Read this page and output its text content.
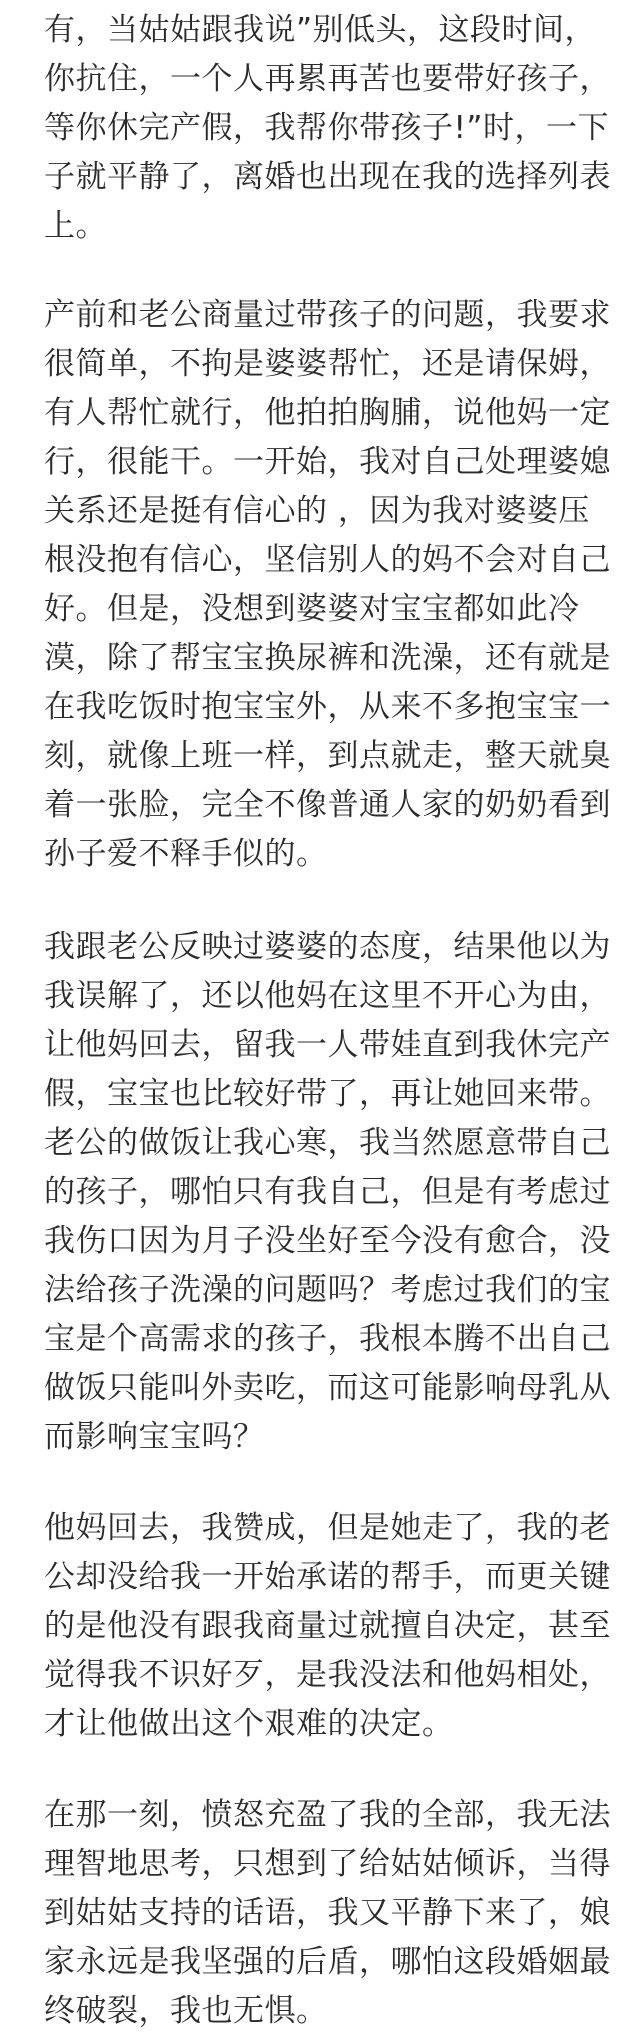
有，当姑姑跟我说”别低头，这段时间，你抗住，一个人再累再苦也要带好孩子，等你休完产假，我帮你带孩子!”时，一下子就平静了，离婚也出现在我的选择列表上。

产前和老公商量过带孩子的问题，我要求很简单，不拘是婆婆帮忙，还是请保姆，有人帮忙就行，他拍拍胸脯，说他妈一定行，很能干。一开始，我对自己处理婆媳关系还是挺有信心的 ，因为我对婆婆压根没抱有信心，坚信别人的妈不会对自己好。但是，没想到婆婆对宝宝都如此冷漠，除了帮宝宝换尿裤和洗澡，还有就是在我吃饭时抱宝宝外，从来不多抱宝宝一刻，就像上班一样，到点就走，整天就臭着一张脸，完全不像普通人家的奶奶看到孙子爱不释手似的。

我跟老公反映过婆婆的态度，结果他以为我误解了，还以他妈在这里不开心为由，让他妈回去，留我一人带娃直到我休完产假，宝宝也比较好带了，再让她回来带。老公的做饭让我心寒，我当然愿意带自己的孩子，哪怕只有我自己，但是有考虑过我伤口因为月子没坐好至今没有愈合，没法给孩子洗澡的问题吗？考虑过我们的宝宝是个高需求的孩子，我根本腾不出自己做饭只能叫外卖吃，而这可能影响母乳从而影响宝宝吗？

他妈回去，我赞成，但是她走了，我的老公却没给我一开始承诺的帮手，而更关键的是他没有跟我商量过就擅自决定，甚至觉得我不识好歹，是我没法和他妈相处，才让他做出这个艰难的决定。

在那一刻，愤怒充盈了我的全部，我无法理智地思考，只想到了给姑姑倾诉，当得到姑姑支持的话语，我又平静下来了，娘家永远是我坚强的后盾，哪怕这段婚姻最终破裂，我也无惧。
